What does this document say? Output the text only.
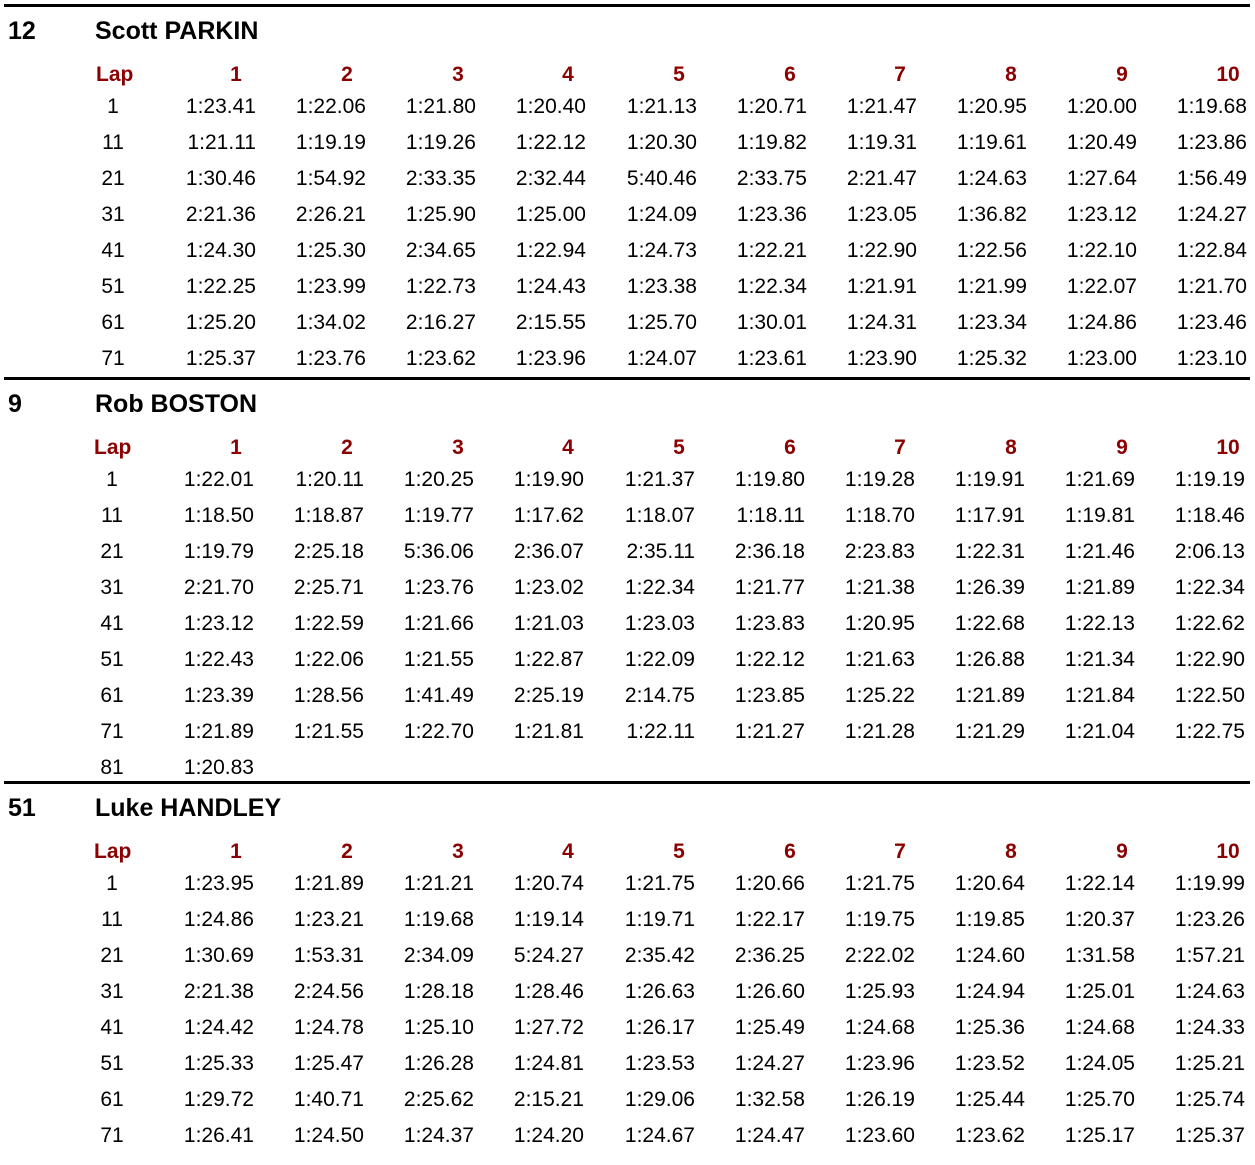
12 Scott PARKIN
Lap	1	2	3	4	5	6	7	8	9	10
1	1:23.41	1:22.06	1:21.80	1:20.40	1:21.13	1:20.71	1:21.47	1:20.95	1:20.00	1:19.68
11	1:21.11	1:19.19	1:19.26	1:22.12	1:20.30	1:19.82	1:19.31	1:19.61	1:20.49	1:23.86
21	1:30.46	1:54.92	2:33.35	2:32.44	5:40.46	2:33.75	2:21.47	1:24.63	1:27.64	1:56.49
31	2:21.36	2:26.21	1:25.90	1:25.00	1:24.09	1:23.36	1:23.05	1:36.82	1:23.12	1:24.27
41	1:24.30	1:25.30	2:34.65	1:22.94	1:24.73	1:22.21	1:22.90	1:22.56	1:22.10	1:22.84
51	1:22.25	1:23.99	1:22.73	1:24.43	1:23.38	1:22.34	1:21.91	1:21.99	1:22.07	1:21.70
61	1:25.20	1:34.02	2:16.27	2:15.55	1:25.70	1:30.01	1:24.31	1:23.34	1:24.86	1:23.46
71	1:25.37	1:23.76	1:23.62	1:23.96	1:24.07	1:23.61	1:23.90	1:25.32	1:23.00	1:23.10
9	Rob BOSTON
Lap	1	2	3	4	5	6	7	8	9	10
1	1:22.01	1:20.11	1:20.25	1:19.90	1:21.37	1:19.80	1:19.28	1:19.91	1:21.69	1:19.19
11	1:18.50	1:18.87	1:19.77	1:17.62	1:18.07	1:18.11	1:18.70	1:17.91	1:19.81	1:18.46
21	1:19.79	2:25.18	5:36.06	2:36.07	2:35.11	2:36.18	2:23.83	1:22.31	1:21.46	2:06.13
31	2:21.70	2:25.71	1:23.76	1:23.02	1:22.34	1:21.77	1:21.38	1:26.39	1:21.89	1:22.34
41	1:23.12	1:22.59	1:21.66	1:21.03	1:23.03	1:23.83	1:20.95	1:22.68	1:22.13	1:22.62
51	1:22.43	1:22.06	1:21.55	1:22.87	1:22.09	1:22.12	1:21.63	1:26.88	1:21.34	1:22.90
61	1:23.39	1:28.56	1:41.49	2:25.19	2:14.75	1:23.85	1:25.22	1:21.89	1:21.84	1:22.50
71	1:21.89	1:21.55	1:22.70	1:21.81	1:22.11	1:21.27	1:21.28	1:21.29	1:21.04	1:22.75
81	1:20.83
51 Luke HANDLEY
Lap	1	2	3	4	5	6	7	8	9	10
1	1:23.95	1:21.89	1:21.21	1:20.74	1:21.75	1:20.66	1:21.75	1:20.64	1:22.14	1:19.99
11	1:24.86	1:23.21	1:19.68	1:19.14	1:19.71	1:22.17	1:19.75	1:19.85	1:20.37	1:23.26
21	1:30.69	1:53.31	2:34.09	5:24.27	2:35.42	2:36.25	2:22.02	1:24.60	1:31.58	1:57.21
31	2:21.38	2:24.56	1:28.18	1:28.46	1:26.63	1:26.60	1:25.93	1:24.94	1:25.01	1:24.63
41	1:24.42	1:24.78	1:25.10	1:27.72	1:26.17	1:25.49	1:24.68	1:25.36	1:24.68	1:24.33
51	1:25.33	1:25.47	1:26.28	1:24.81	1:23.53	1:24.27	1:23.96	1:23.52	1:24.05	1:25.21
61	1:29.72	1:40.71	2:25.62	2:15.21	1:29.06	1:32.58	1:26.19	1:25.44	1:25.70	1:25.74
71	1:26.41	1:24.50	1:24.37	1:24.20	1:24.67	1:24.47	1:23.60	1:23.62	1:25.17	1:25.37
